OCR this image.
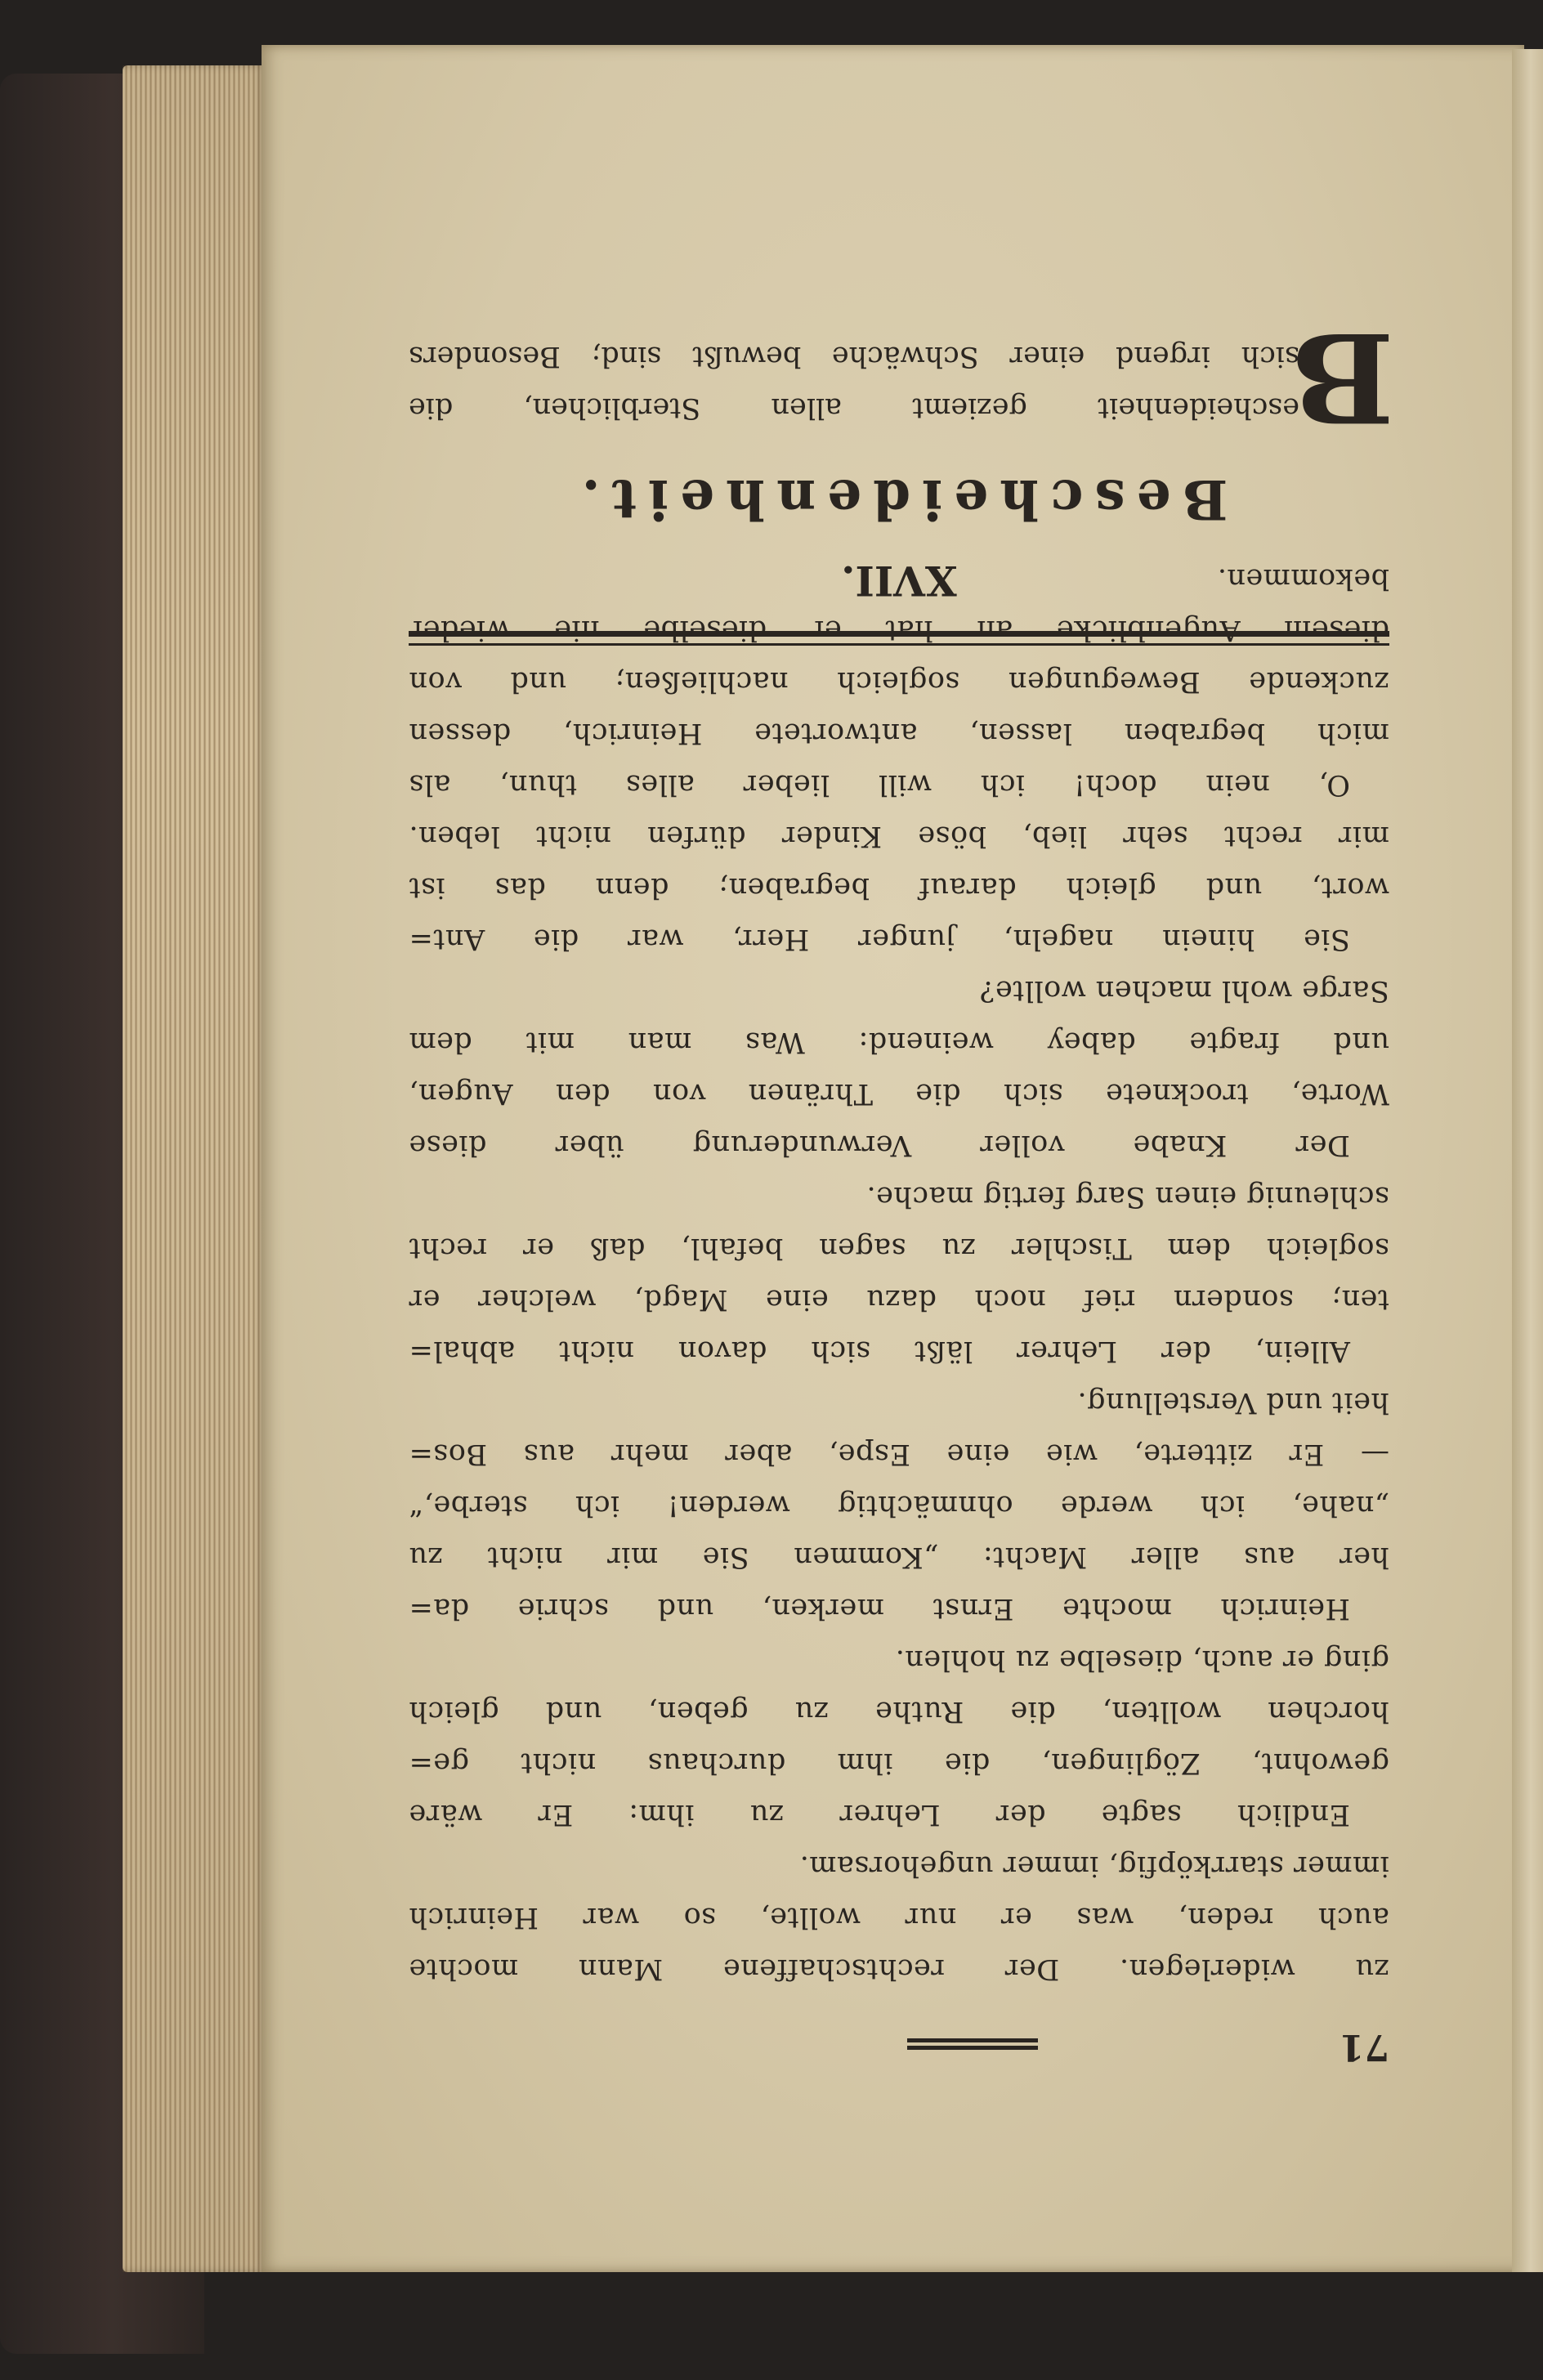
71
zu widerlegen. Der rechtschaffene Mann mochte
auch reden, was er nur wollte, so war Heinrich
immer starrköpfig, immer ungehorsam.
Endlich sagte der Lehrer zu ihm: Er wäre
gewohnt, Zöglingen, die ihm durchaus nicht ge=
horchen wollten, die Ruthe zu geben, und gleich
ging er auch, dieselbe zu hohlen.
Heinrich mochte Ernst merken, und schrie da=
her aus aller Macht: „Kommen Sie mir nicht zu
„nahe, ich werde ohnmächtig werden! ich sterbe,“
— Er zitterte, wie eine Espe, aber mehr aus Bos=
heit und Verstellung.
Allein, der Lehrer läßt sich davon nicht abhal=
ten; sondern rief noch dazu eine Magd, welcher er
sogleich dem Tischler zu sagen befahl, daß er recht
schleunig einen Sarg fertig mache.
Der Knabe voller Verwunderung über diese
Worte, trocknete sich die Thränen von den Augen,
und fragte dabey weinend: Was man mit dem
Sarge wohl machen wollte?
Sie hinein nageln, junger Herr, war die Ant=
wort, und gleich darauf begraben; denn das ist
mir recht sehr lieb, böse Kinder dürfen nicht leben.
O, nein doch! ich will lieber alles thun, als
mich begraben lassen, antwortete Heinrich, dessen
zuckende Bewegungen sogleich nachließen; und von
diesem Augenblicke an hat er dieselbe nie wieder
bekommen.
XVII.
Bescheidenheit.
B
escheidenheit geziemt allen Sterblichen, die
sich irgend einer Schwäche bewußt sind; Besonders
